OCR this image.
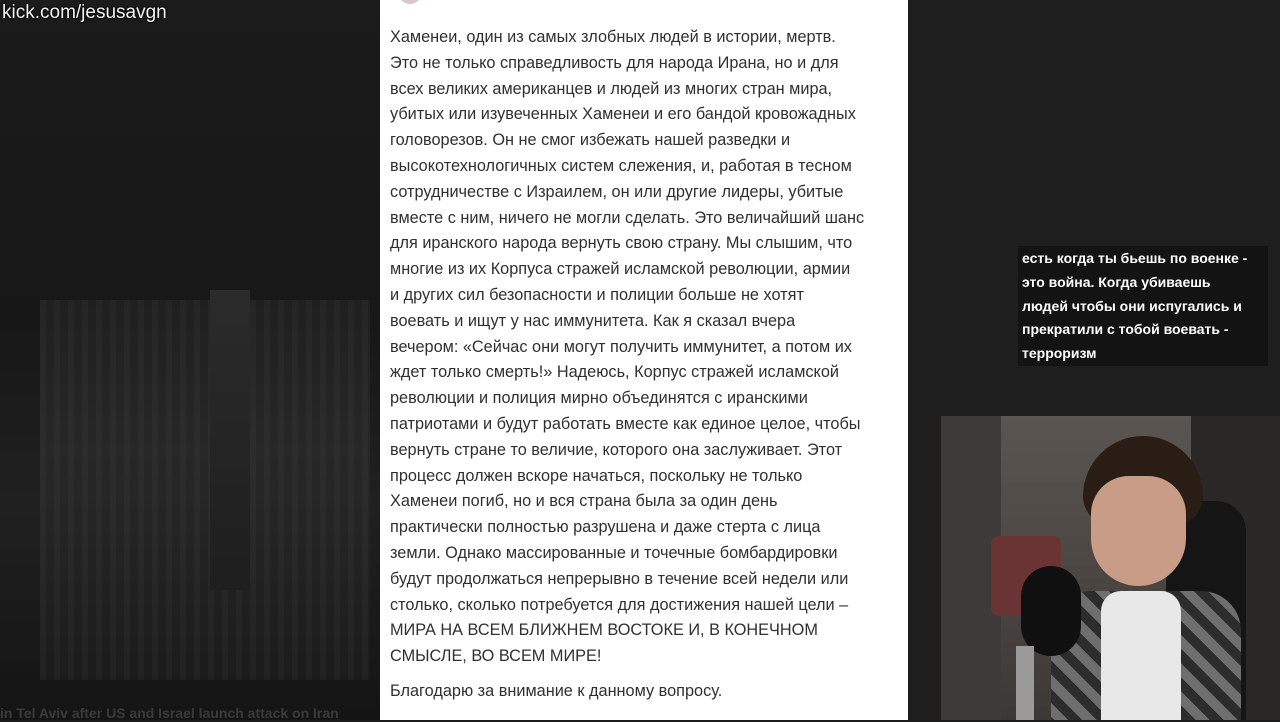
kick.com/jesusavgn
in Tel Aviv after US and Israel launch attack on Iran
Хаменеи, один из самых злобных людей в истории, мертв.
Это не только справедливость для народа Ирана, но и для
всех великих американцев и людей из многих стран мира,
убитых или изувеченных Хаменеи и его бандой кровожадных
головорезов. Он не смог избежать нашей разведки и
высокотехнологичных систем слежения, и, работая в тесном
сотрудничестве с Израилем, он или другие лидеры, убитые
вместе с ним, ничего не могли сделать. Это величайший шанс
для иранского народа вернуть свою страну. Мы слышим, что
многие из их Корпуса стражей исламской революции, армии
и других сил безопасности и полиции больше не хотят
воевать и ищут у нас иммунитета. Как я сказал вчера
вечером: «Сейчас они могут получить иммунитет, а потом их
ждет только смерть!» Надеюсь, Корпус стражей исламской
революции и полиция мирно объединятся с иранскими
патриотами и будут работать вместе как единое целое, чтобы
вернуть стране то величие, которого она заслуживает. Этот
процесс должен вскоре начаться, поскольку не только
Хаменеи погиб, но и вся страна была за один день
практически полностью разрушена и даже стерта с лица
земли. Однако массированные и точечные бомбардировки
будут продолжаться непрерывно в течение всей недели или
столько, сколько потребуется для достижения нашей цели –
МИРА НА ВСЕМ БЛИЖНЕМ ВОСТОКЕ И, В КОНЕЧНОМ
СМЫСЛЕ, ВО ВСЕМ МИРЕ!
Благодарю за внимание к данному вопросу.
есть когда ты бьешь по военке -
это война. Когда убиваешь
людей чтобы они испугались и
прекратили с тобой воевать -
терроризм
